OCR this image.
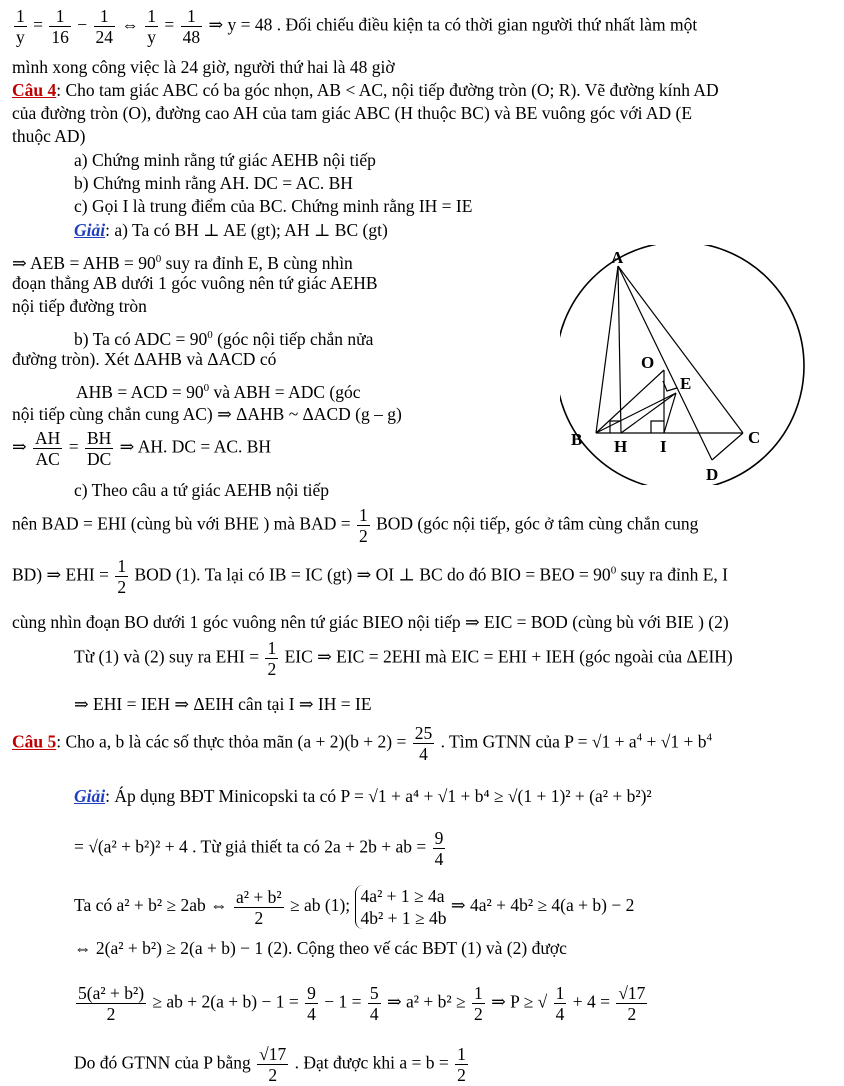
$\frac{1}{y} = \frac{1}{16} - \frac{1}{24}$ ⇔ $\frac{1}{y} = \frac{1}{48}$ ⇒ y = 48 . Đối chiếu điều kiện ta có thời gian người thứ nhất làm một
mình xong công việc là 24 giờ, người thứ hai là 48 giờ
Câu 4: Cho tam giác ABC có ba góc nhọn, AB < AC, nội tiếp đường tròn (O; R). Vẽ đường kính AD
của đường tròn (O), đường cao AH của tam giác ABC (H thuộc BC) và BE vuông góc với AD (E
thuộc AD)
a) Chứng minh rằng tứ giác AEHB nội tiếp
b) Chứng minh rằng AH. DC = AC. BH
c) Gọi I là trung điểm của BC. Chứng minh rằng IH = IE
Giải: a) Ta có BH ⊥ AE (gt); AH ⊥ BC (gt)
⇒ AEB = AHB = $90^0$ suy ra đỉnh E, B cùng nhìn
đoạn thẳng AB dưới 1 góc vuông nên tứ giác AEHB
nội tiếp đường tròn
b) Ta có ADC = $90^0$ (góc nội tiếp chắn nửa
đường tròn). Xét ΔAHB và ΔACD có
AHB = ACD = $90^0$ và ABH = ADC (góc
nội tiếp cùng chắn cung AC) ⇒ ΔAHB ~ ΔACD (g – g)
⇒ $\frac{AH}{AC} = \frac{BH}{DC}$ ⇒ AH. DC = AC. BH
c) Theo câu a tứ giác AEHB nội tiếp
nên BAD = EHI (cùng bù với BHE ) mà BAD = $\frac{1}{2}$ BOD (góc nội tiếp, góc ở tâm cùng chắn cung
BD) ⇒ EHI = $\frac{1}{2}$ BOD (1). Ta lại có IB = IC (gt) ⇒ OI ⊥ BC do đó BIO = BEO = $90^0$ suy ra đỉnh E, I
cùng nhìn đoạn BO dưới 1 góc vuông nên tứ giác BIEO nội tiếp ⇒ EIC = BOD (cùng bù với BIE ) (2)
Từ (1) và (2) suy ra EHI = $\frac{1}{2}$ EIC ⇒ EIC = 2EHI mà EIC = EHI + IEH (góc ngoài của ΔEIH)
⇒ EHI = IEH ⇒ ΔEIH cân tại I ⇒ IH = IE
Câu 5: Cho a, b là các số thực thỏa mãn $(a + 2)(b + 2) = \frac{25}{4}$ . Tìm GTNN của $P = √1 + a^4 + √1 + b^4$
Giải: Áp dụng BĐT Minicopski ta có P = √1 + a⁴ + √1 + b⁴ ≥ √(1 + 1)² + (a² + b²)²
= √(a² + b²)² + 4 . Từ giả thiết ta có 2a + 2b + ab = $\frac{9}{4}$
Ta có a² + b² ≥ 2ab ⇔ $\frac{\text{a² + b²}}{2}$ ≥ ab (1); 4a² + 1 ≥ 4a
4b² + 1 ≥ 4b
⇒ 4a² + 4b² ≥ 4(a + b) − 2
⇔ 2(a² + b²) ≥ 2(a + b) − 1 (2). Cộng theo vế các BĐT (1) và (2) được
$\frac{\text{5(a² + b²)}}{2}$ ≥ ab + $2(a + b) - 1 = \frac{9}{4} - 1 = \frac{5}{4}$ ⇒ $a^2 + b^2 \ge \frac{1}{2}$ ⇒ P ≥ √ $\frac{1}{4} + 4 = \frac{√17}{2}$
Do đó GTNN của P bằng $\frac{√17}{2}$ . Đạt được khi $a = b = \frac{1}{2}$
A
B	C
D
E
H I
O
